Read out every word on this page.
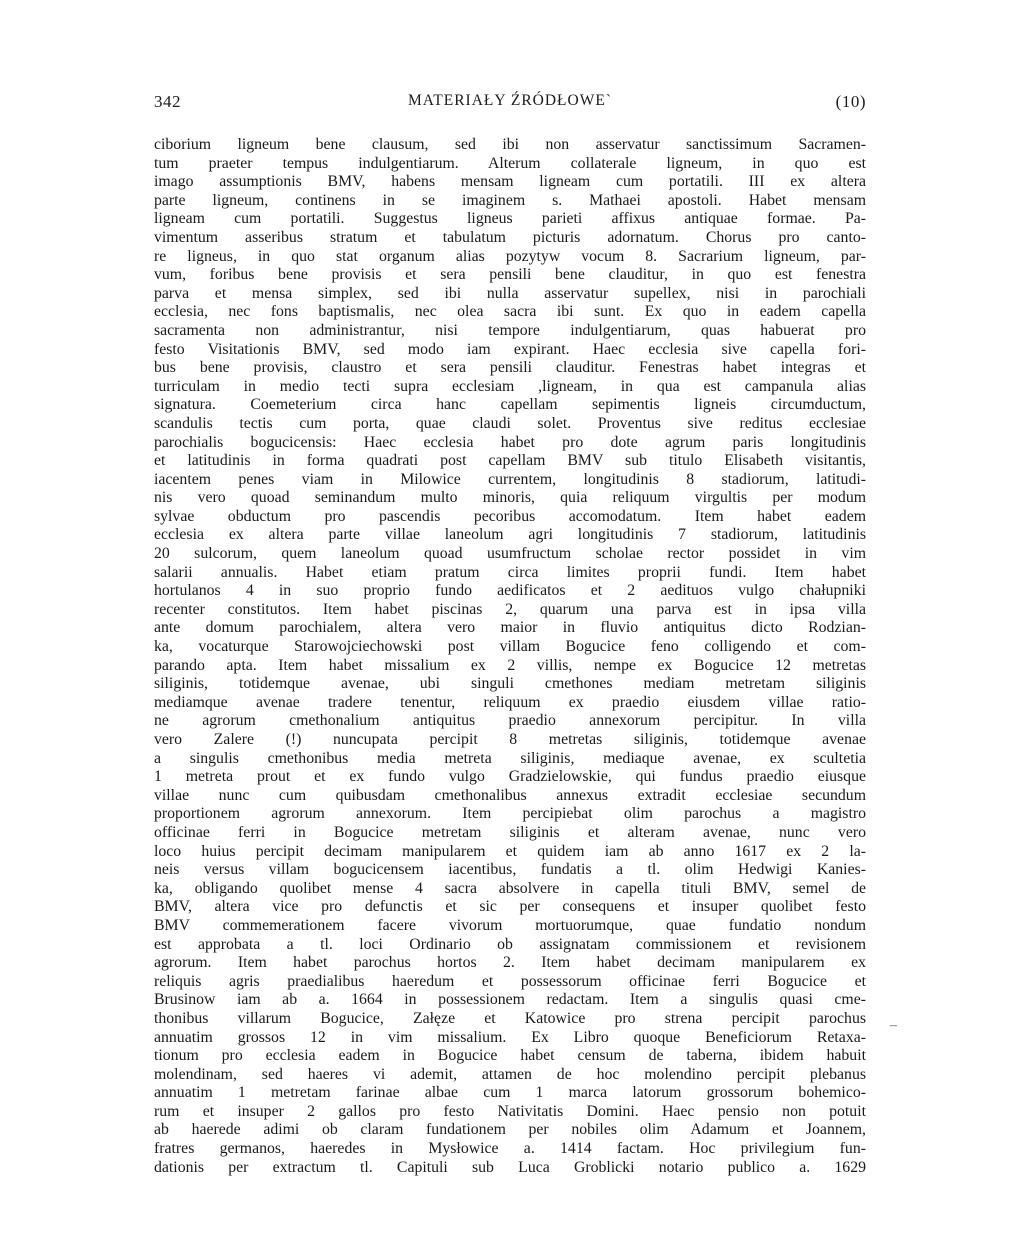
342	MATERIAŁY ŹRÓDŁOWE`	(10)
ciborium ligneum bene clausum, sed ibi non asservatur sanctissimum Sacramen-
tum praeter tempus indulgentiarum. Alterum collaterale ligneum, in quo est
imago assumptionis BMV, habens mensam ligneam cum portatili. III ex altera
parte ligneum, continens in se imaginem s. Mathaei apostoli. Habet mensam
ligneam cum portatili. Suggestus ligneus parieti affixus antiquae formae. Pa-
vimentum asseribus stratum et tabulatum picturis adornatum. Chorus pro canto-
re ligneus, in quo stat organum alias pozytyw vocum 8. Sacrarium ligneum, par-
vum, foribus bene provisis et sera pensili bene clauditur, in quo est fenestra
parva et mensa simplex, sed ibi nulla asservatur supellex, nisi in parochiali
ecclesia, nec fons baptismalis, nec olea sacra ibi sunt. Ex quo in eadem capella
sacramenta non administrantur, nisi tempore indulgentiarum, quas habuerat pro
festo Visitationis BMV, sed modo iam expirant. Haec ecclesia sive capella fori-
bus bene provisis, claustro et sera pensili clauditur. Fenestras habet integras et
turriculam in medio tecti supra ecclesiam ,ligneam, in qua est campanula alias
signatura. Coemeterium circa hanc capellam sepimentis ligneis circumductum,
scandulis tectis cum porta, quae claudi solet. Proventus sive reditus ecclesiae
parochialis bogucicensis: Haec ecclesia habet pro dote agrum paris longitudinis
et latitudinis in forma quadrati post capellam BMV sub titulo Elisabeth visitantis,
iacentem penes viam in Milowice currentem, longitudinis 8 stadiorum, latitudi-
nis vero quoad seminandum multo minoris, quia reliquum virgultis per modum
sylvae obductum pro pascendis pecoribus accomodatum. Item habet eadem
ecclesia ex altera parte villae laneolum agri longitudinis 7 stadiorum, latitudinis
20 sulcorum, quem laneolum quoad usumfructum scholae rector possidet in vim
salarii annualis. Habet etiam pratum circa limites proprii fundi. Item habet
hortulanos 4 in suo proprio fundo aedificatos et 2 aedituos vulgo chałupniki
recenter constitutos. Item habet piscinas 2, quarum una parva est in ipsa villa
ante domum parochialem, altera vero maior in fluvio antiquitus dicto Rodzian-
ka, vocaturque Starowojciechowski post villam Bogucice feno colligendo et com-
parando apta. Item habet missalium ex 2 villis, nempe ex Bogucice 12 metretas
siliginis, totidemque avenae, ubi singuli cmethones mediam metretam siliginis
mediamque avenae tradere tenentur, reliquum ex praedio eiusdem villae ratio-
ne agrorum cmethonalium antiquitus praedio annexorum percipitur. In villa
vero Zalere (!) nuncupata percipit 8 metretas siliginis, totidemque avenae
a singulis cmethonibus media metreta siliginis, mediaque avenae, ex scultetia
1 metreta prout et ex fundo vulgo Gradzielowskie, qui fundus praedio eiusque
villae nunc cum quibusdam cmethonalibus annexus extradit ecclesiae secundum
proportionem agrorum annexorum. Item percipiebat olim parochus a magistro
officinae ferri in Bogucice metretam siliginis et alteram avenae, nunc vero
loco huius percipit decimam manipularem et quidem iam ab anno 1617 ex 2 la-
neis versus villam bogucicensem iacentibus, fundatis a tl. olim Hedwigi Kanies-
ka, obligando quolibet mense 4 sacra absolvere in capella tituli BMV, semel de
BMV, altera vice pro defunctis et sic per consequens et insuper quolibet festo
BMV commemerationem facere vivorum mortuorumque, quae fundatio nondum
est approbata a tl. loci Ordinario ob assignatam commissionem et revisionem
agrorum. Item habet parochus hortos 2. Item habet decimam manipularem ex
reliquis agris praedialibus haeredum et possessorum officinae ferri Bogucice et
Brusinow iam ab a. 1664 in possessionem redactam. Item a singulis quasi cme-
thonibus villarum Bogucice, Załęze et Katowice pro strena percipit parochus
annuatim grossos 12 in vim missalium. Ex Libro quoque Beneficiorum Retaxa-
tionum pro ecclesia eadem in Bogucice habet censum de taberna, ibidem habuit
molendinam, sed haeres vi ademit, attamen de hoc molendino percipit plebanus
annuatim 1 metretam farinae albae cum 1 marca latorum grossorum bohemico-
rum et insuper 2 gallos pro festo Nativitatis Domini. Haec pensio non potuit
ab haerede adimi ob claram fundationem per nobiles olim Adamum et Joannem,
fratres germanos, haeredes in Mysłowice a. 1414 factam. Hoc privilegium fun-
dationis per extractum tl. Capituli sub Luca Groblicki notario publico a. 1629
‒
